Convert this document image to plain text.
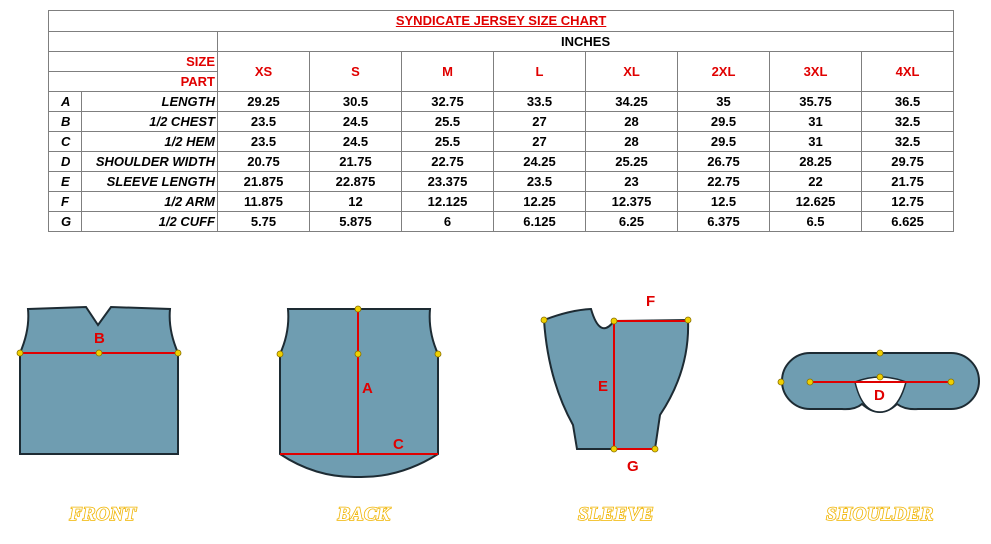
SYNDICATE JERSEY SIZE CHART									
		INCHES							
SIZE		XS	S	M	L	XL	2XL	3XL	4XL
PART									
A	LENGTH	29.25	30.5	32.75	33.5	34.25	35	35.75	36.5
B	1/2 CHEST	23.5	24.5	25.5	27	28	29.5	31	32.5
C	1/2 HEM	23.5	24.5	25.5	27	28	29.5	31	32.5
D	SHOULDER WIDTH	20.75	21.75	22.75	24.25	25.25	26.75	28.25	29.75
E	SLEEVE LENGTH	21.875	22.875	23.375	23.5	23	22.75	22	21.75
F	1/2 ARM	11.875	12	12.125	12.25	12.375	12.5	12.625	12.75
G	1/2 CUFF	5.75	5.875	6	6.125	6.25	6.375	6.5	6.625
B
FRONT
A
C
BACK
F
E
G
SLEEVE
D
SHOULDER
